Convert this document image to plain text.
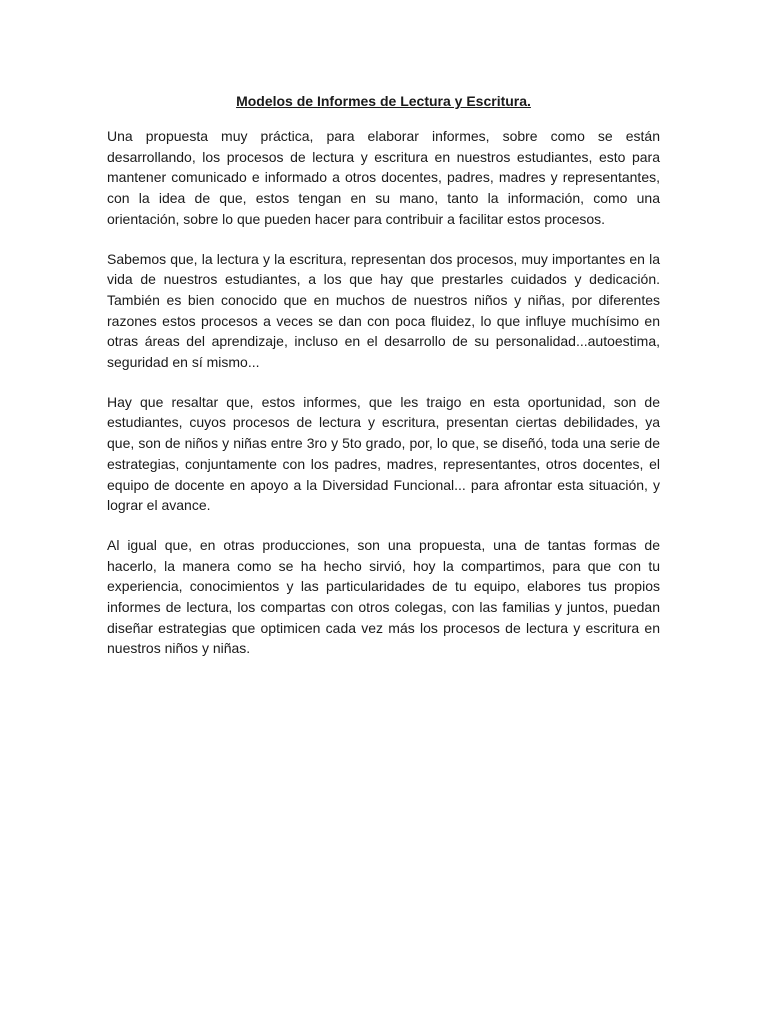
Modelos de Informes de Lectura y Escritura.

Una propuesta muy práctica, para elaborar informes, sobre como se están desarrollando, los procesos de lectura y escritura en nuestros estudiantes, esto para mantener comunicado e informado a otros docentes, padres, madres y representantes, con la idea de que, estos tengan en su mano, tanto la información, como una orientación, sobre lo que pueden hacer para contribuir a facilitar estos procesos.

Sabemos que, la lectura y la escritura, representan dos procesos, muy importantes en la vida de nuestros estudiantes, a los que hay que prestarles cuidados y dedicación. También es bien conocido que en muchos de nuestros niños y niñas, por diferentes razones estos procesos a veces se dan con poca fluidez, lo que influye muchísimo en otras áreas del aprendizaje, incluso en el desarrollo de su personalidad...autoestima, seguridad en sí mismo...

Hay que resaltar que, estos informes, que les traigo en esta oportunidad, son de estudiantes, cuyos procesos de lectura y escritura, presentan ciertas debilidades, ya que, son de niños y niñas entre 3ro y 5to grado, por, lo que, se diseñó, toda una serie de estrategias, conjuntamente con los padres, madres, representantes, otros docentes, el equipo de docente en apoyo a la Diversidad Funcional... para afrontar esta situación, y lograr el avance.

Al igual que, en otras producciones, son una propuesta, una de tantas formas de hacerlo, la manera como se ha hecho sirvió, hoy la compartimos, para que con tu experiencia, conocimientos y las particularidades de tu equipo, elabores tus propios informes de lectura, los compartas con otros colegas, con las familias y juntos, puedan diseñar estrategias que optimicen cada vez más los procesos de lectura y escritura en nuestros niños y niñas.
